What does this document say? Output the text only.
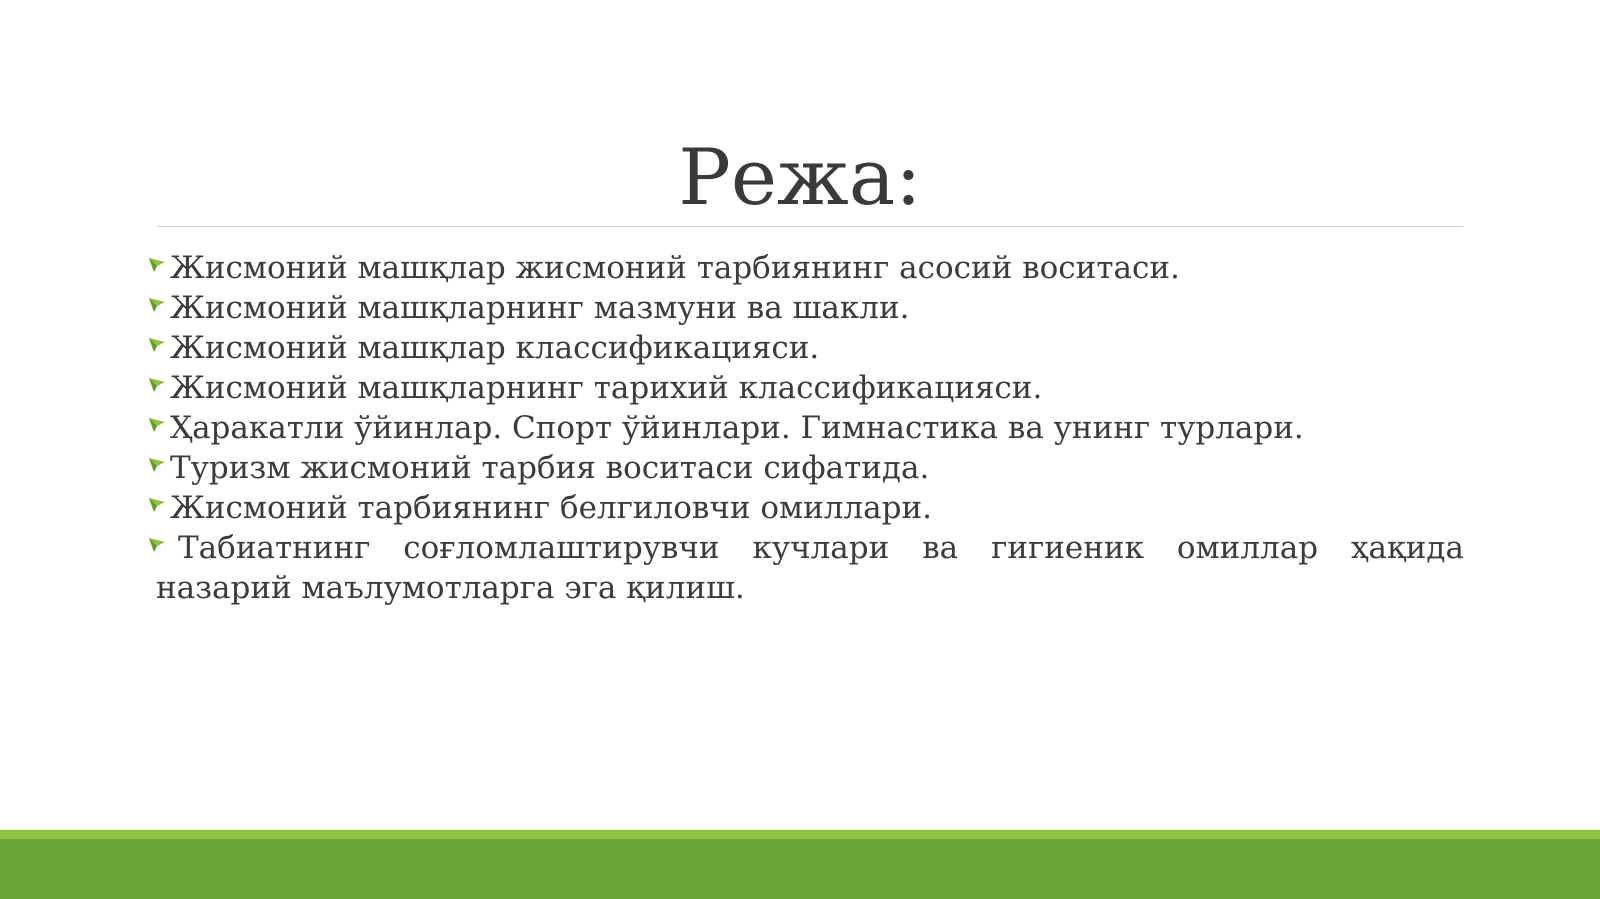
Режа:

Жисмоний машқлар жисмоний тарбиянинг асосий воситаси.

Жисмоний машқларнинг мазмуни ва шакли.

Жисмоний машқлар классификацияси.

Жисмоний машқларнинг тарихий классификацияси.

Ҳаракатли ўйинлар. Спорт ўйинлари. Гимнастика ва унинг турлари.

Туризм жисмоний тарбия воситаси сифатида.

Жисмоний тарбиянинг белгиловчи омиллари.

Табиатнинг соғломлаштирувчи кучлари ва гигиеник омиллар ҳақида назарий маълумотларга эга қилиш.
